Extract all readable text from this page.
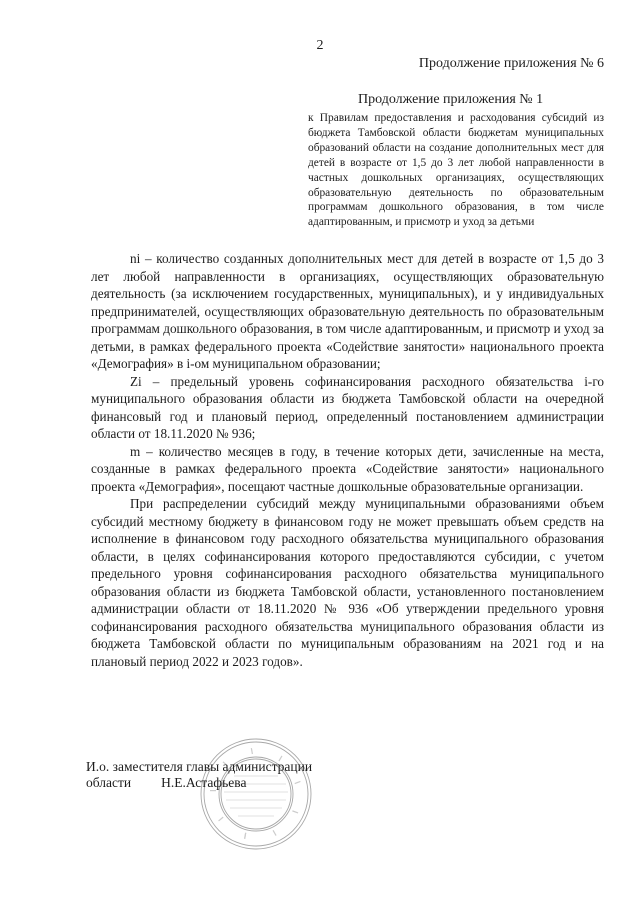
2
Продолжение приложения № 6
Продолжение приложения № 1
к Правилам предоставления и расходования субсидий из бюджета Тамбовской области бюджетам муниципальных образований области на создание дополнительных мест для детей в возрасте от 1,5 до 3 лет любой направленности в частных дошкольных организациях, осуществляющих образовательную деятельность по образовательным программам дошкольного образования, в том числе адаптированным, и присмотр и уход за детьми

ni – количество созданных дополнительных мест для детей в возрасте от 1,5 до 3 лет любой направленности в организациях, осуществляющих образовательную деятельность (за исключением государственных, муниципальных), и у индивидуальных предпринимателей, осуществляющих образовательную деятельность по образовательным программам дошкольного образования, в том числе адаптированным, и присмотр и уход за детьми, в рамках федерального проекта «Содействие занятости» национального проекта «Демография» в i-ом муниципальном образовании;

Zi – предельный уровень софинансирования расходного обязательства i-го муниципального образования области из бюджета Тамбовской области на очередной финансовый год и плановый период, определенный постановлением администрации области от 18.11.2020 № 936;

m – количество месяцев в году, в течение которых дети, зачисленные на места, созданные в рамках федерального проекта «Содействие занятости» национального проекта «Демография», посещают частные дошкольные образовательные организации.

При распределении субсидий между муниципальными образованиями объем субсидий местному бюджету в финансовом году не может превышать объем средств на исполнение в финансовом году расходного обязательства муниципального образования области, в целях софинансирования которого предоставляются субсидии, с учетом предельного уровня софинансирования расходного обязательства муниципального образования области из бюджета Тамбовской области, установленного постановлением администрации области от 18.11.2020 № 936 «Об утверждении предельного уровня софинансирования расходного обязательства муниципального образования области из бюджета Тамбовской области по муниципальным образованиям на 2021 год и на плановый период 2022 и 2023 годов».

И.о. заместителя главы администрации
области Н.Е.Астафьева
